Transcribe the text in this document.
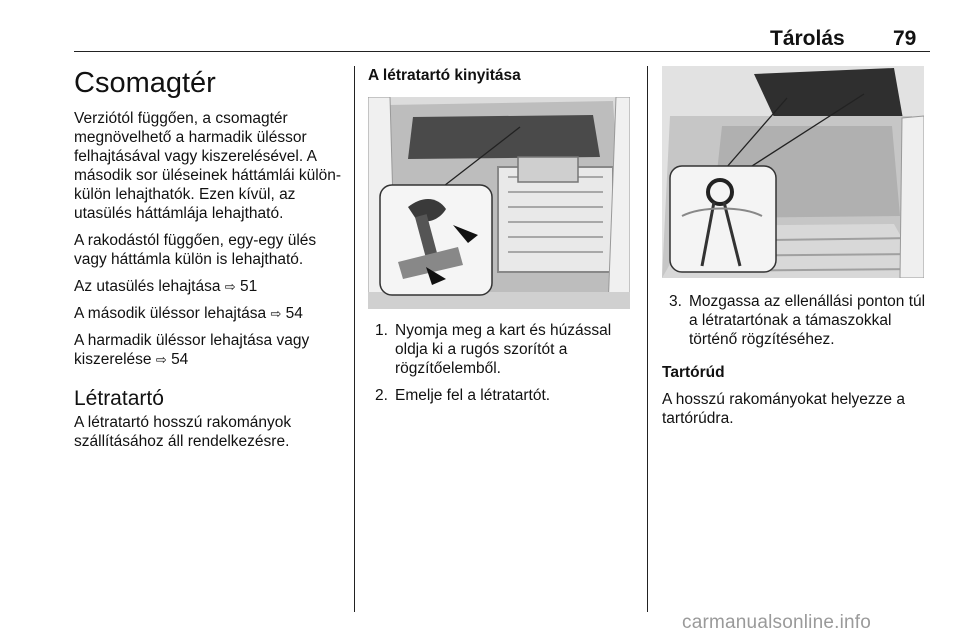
Tárolás 79
Csomagtér

Verziótól függően, a csomagtér megnövelhető a harmadik üléssor felhajtásával vagy kiszerelésével. A második sor üléseinek háttámlái külön-külön lehajthatók. Ezen kívül, az utasülés háttámlája lehajtható.

A rakodástól függően, egy-egy ülés vagy háttámla külön is lehajtható.

Az utasülés lehajtása ⇨ 51

A második üléssor lehajtása ⇨ 54

A harmadik üléssor lehajtása vagy kiszerelése ⇨ 54

Létratartó

A létratartó hosszú rakományok szállításához áll rendelkezésre.

A létratartó kinyitása
1. Nyomja meg a kart és húzással oldja ki a rugós szorítót a rögzítőelemből.
2. Emelje fel a létratartót.
3. Mozgassa az ellenállási ponton túl a létratartónak a támaszokkal történő rögzítéséhez.
Tartórúd

A hosszú rakományokat helyezze a tartórúdra.

carmanualsonline.info
